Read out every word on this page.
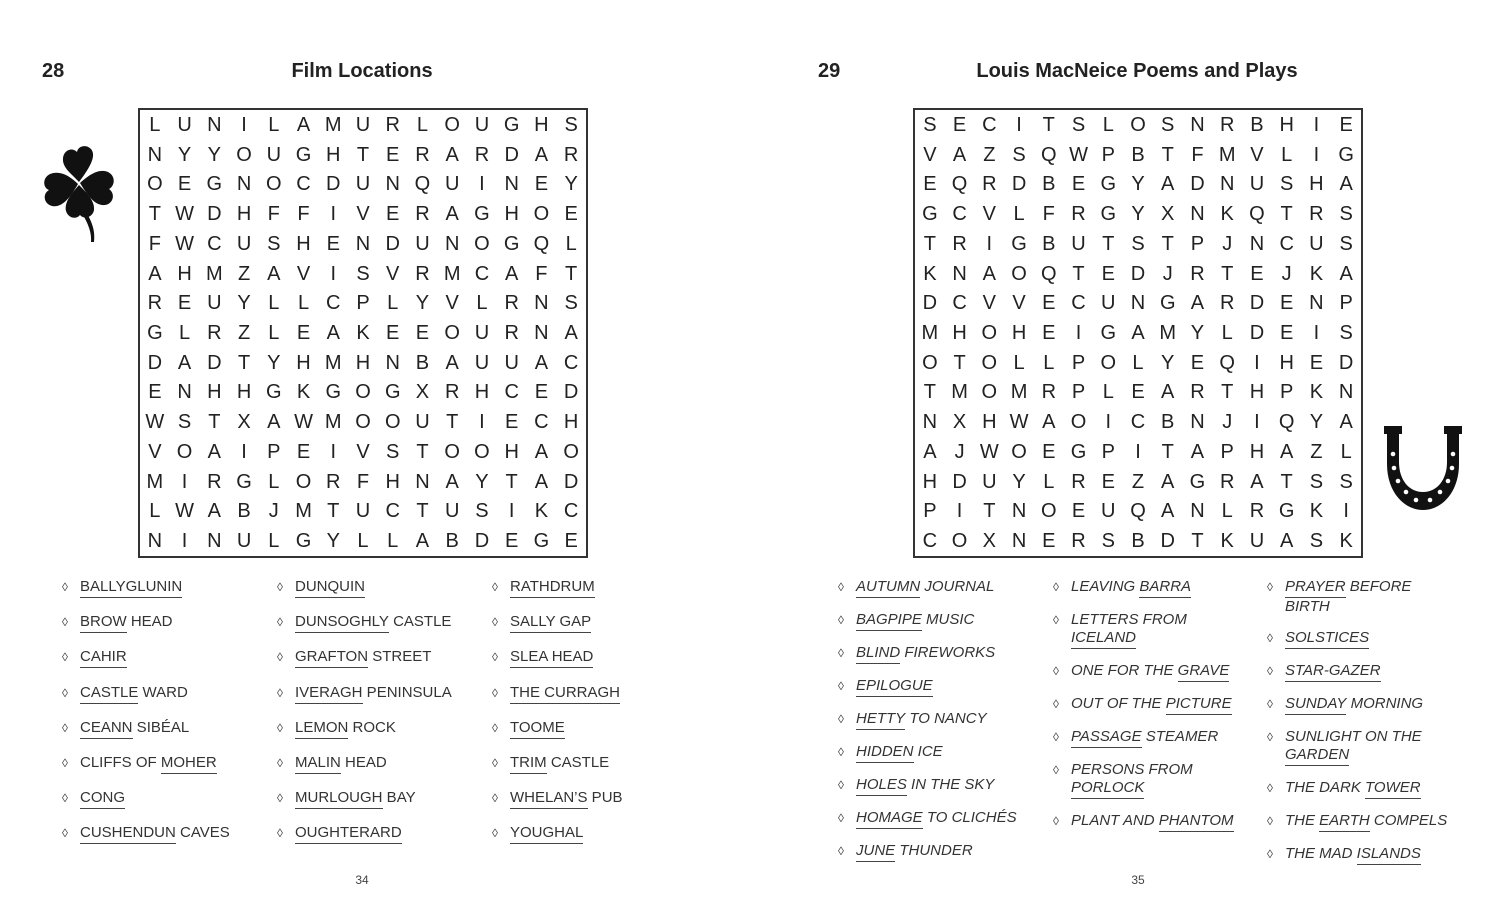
28	Film Locations
L U N I L A M U R L O U G H S
N Y Y O U G H T E R A R D A R
O E G N O C D U N Q U I N E Y
T W D H F F I V E R A G H O E
F W C U S H E N D U N O G Q L
A H M Z A V I S V R M C A F T
R E U Y L L C P L Y V L R N S
G L R Z L E A K E E O U R N A
D A D T Y H M H N B A U U A C
E N H H G K G O G X R H C E D
W S T X A W M O O U T I E C H
V O A I P E I V S T O O H A O
M I R G L O R F H N A Y T A D
L W A B J M T U C T U S I K C
N I N U L G Y L L A B D E G E
◊ BALLYGLUNIN
◊ BROW HEAD
◊ CAHIR
◊ CASTLE WARD
◊ CEANN SIBÉAL
◊ CLIFFS OF MOHER
◊ CONG
◊ CUSHENDUN CAVES
◊ DUNQUIN
◊ DUNSOGHLY CASTLE
◊ GRAFTON STREET
◊ IVERAGH PENINSULA
◊ LEMON ROCK
◊ MALIN HEAD
◊ MURLOUGH BAY
◊ OUGHTERARD
◊ RATHDRUM
◊ SALLY GAP
◊ SLEA HEAD
◊ THE CURRAGH
◊ TOOME
◊ TRIM CASTLE
◊ WHELAN’S PUB
◊ YOUGHAL
34
29	Louis MacNeice Poems and Plays
S E C I T S L O S N R B H I E
V A Z S Q W P B T F M V L I G
E Q R D B E G Y A D N U S H A
G C V L F R G Y X N K Q T R S
T R I G B U T S T P J N C U S
K N A O Q T E D J R T E J K A
D C V V E C U N G A R D E N P
M H O H E I G A M Y L D E I S
O T O L L P O L Y E Q I H E D
T M O M R P L E A R T H P K N
N X H W A O I C B N J I Q Y A
A J W O E G P I T A P H A Z L
H D U Y L R E Z A G R A T S S
P I T N O E U Q A N L R G K I
C O X N E R S B D T K U A S K
◊ AUTUMN JOURNAL
◊ BAGPIPE MUSIC
◊ BLIND FIREWORKS
◊ EPILOGUE
◊ HETTY TO NANCY
◊ HIDDEN ICE
◊ HOLES IN THE SKY
◊ HOMAGE TO CLICHÉS
◊ JUNE THUNDER
◊ LEAVING BARRA
◊ LETTERS FROM
ICELAND
◊ ONE FOR THE GRAVE
◊ OUT OF THE PICTURE
◊ PASSAGE STEAMER
◊ PERSONS FROM
PORLOCK
◊ PLANT AND PHANTOM
◊ PRAYER BEFORE
BIRTH
◊ SOLSTICES
◊ STAR-GAZER
◊ SUNDAY MORNING
◊ SUNLIGHT ON THE
GARDEN
◊ THE DARK TOWER
◊ THE EARTH COMPELS
◊ THE MAD ISLANDS
35
